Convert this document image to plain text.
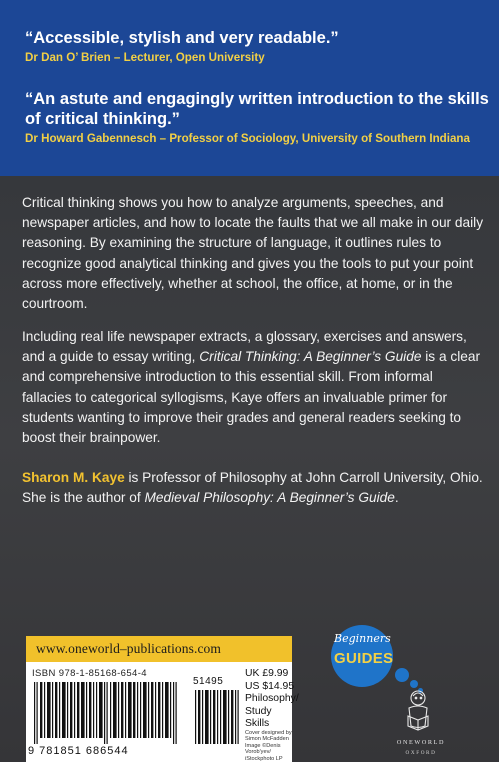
“Accessible, stylish and very readable.”
Dr Dan O’ Brien – Lecturer, Open University
“An astute and engagingly written introduction to the skills of critical thinking.”
Dr Howard Gabennesch – Professor of Sociology, University of Southern Indiana

Critical thinking shows you how to analyze arguments, speeches, and newspaper articles, and how to locate the faults that we all make in our daily reasoning. By examining the structure of language, it outlines rules to recognize good analytical thinking and gives you the tools to put your point across more effectively, whether at school, the office, at home, or in the courtroom.

Including real life newspaper extracts, a glossary, exercises and answers, and a guide to essay writing, Critical Thinking: A Beginner’s Guide is a clear and comprehensive introduction to this essential skill. From informal fallacies to categorical syllogisms, Kaye offers an invaluable primer for students wanting to improve their grades and general readers seeking to boost their brainpower.

Sharon M. Kaye is Professor of Philosophy at John Carroll University, Ohio. She is the author of Medieval Philosophy: A Beginner’s Guide.

www.oneworld–publications.com
ISBN 978-1-85168-654-4
9 781851 686544
51495
UK £9.99
US $14.95
Philosophy/ Study Skills
Cover designed by Simon McFadden Image ©Denis Vorob'yev/ iStockphoto LP
Beginners
GUIDES
ONEWORLD
OXFORD
